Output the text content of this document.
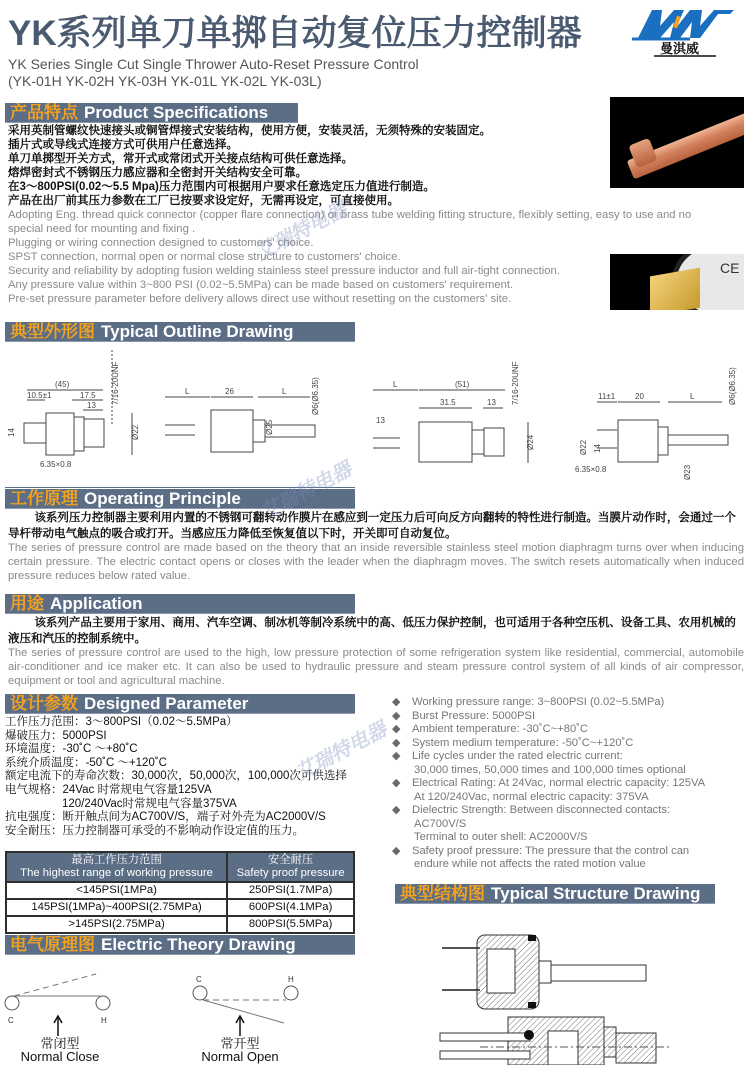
YK系列单刀单掷自动复位压力控制器
YK Series Single Cut Single Thrower Auto-Reset Pressure Control
(YK-01H YK-02H YK-03H YK-01L YK-02L YK-03L)
曼淇威
产品特点 Product Specifications
采用英制管螺纹快速接头或铜管焊接式安装结构，使用方便，安装灵活，无须特殊的安装固定。
插片式或导线式连接方式可供用户任意选择。
单刀单掷型开关方式，常开式或常闭式开关接点结构可供任意选择。
熔焊密封式不锈钢压力感应器和全密封开关结构安全可靠。
在3～800PSI(0.02～5.5 Mpa)压力范围内可根据用户要求任意选定压力值进行制造。
产品在出厂前其压力参数在工厂已按要求设定好，无需再设定，可直接使用。
Adopting Eng. thread quick connector (copper flare connection) or brass tube welding fitting structure, flexibly setting, easy to use and no special need for mounting and fixing .
Plugging or wiring connection designed to customers' choice.
SPST connection, normal open or normal close structure to customers' choice.
Security and reliability by adopting fusion welding stainless steel pressure inductor and full air-tight connection.
Any pressure value within 3~800 PSI (0.02~5.5MPa) can be made based on customers' requirement.
Pre-set pressure parameter before delivery allows direct use without resetting on the customers' site.
CE
典型外形图 Typical Outline Drawing
(45)
10.5±1	17.5
13
7/16-20UNF
Ø22
14
6.35×0.8
L	26	L
Ø25
Ø6(Ø6.35)	L	(51)
31.5	13
13
7/16-20UNF
Ø24
11±1 20	L
Ø22 14
6.35×0.8
Ø6(Ø6.35)
Ø23
工作原理 Operating Principle
该系列压力控制器主要利用内置的不锈钢可翻转动作膜片在感应到一定压力后可向反方向翻转的特性进行制造。当膜片动作时，会通过一个导杆带动电气触点的吸合或打开。当感应压力降低至恢复值以下时，开关即可自动复位。
The series of pressure control are made based on the theory that an inside reversible stainless steel motion diaphragm turns over when inducing certain pressure. The electric contact opens or closes with the leader when the diaphragm moves. The switch resets automatically when induced pressure reduces below rated value.
用途 Application
该系列产品主要用于家用、商用、汽车空调、制冰机等制冷系统中的高、低压力保护控制，也可适用于各种空压机、设备工具、农用机械的液压和汽压的控制系统中。
The series of pressure control are used to the high, low pressure protection of some refrigeration system like residential, commercial, automobile air-conditioner and ice maker etc. It can also be used to hydraulic pressure and steam pressure control system of all kinds of air compressor, equipment or tool and agricultural machine.
设计参数 Designed Parameter
工作压力范围：3～800PSI（0.02～5.5MPa）
爆破压力：5000PSI
环境温度：-30˚C ～+80˚C
系统介质温度：-50˚C ～+120˚C
额定电流下的寿命次数：30,000次，50,000次，100,000次可供选择
电气规格：24Vac 时常规电气容量125VA
120/240Vac时常规电气容量375VA
抗电强度：断开触点间为AC700V/S，端子对外壳为AC2000V/S
安全耐压：压力控制器可承受的不影响动作设定值的压力。
◆ Working pressure range: 3~800PSI (0.02~5.5MPa)
◆ Burst Pressure: 5000PSI
◆ Ambient temperature: -30˚C~+80˚C
◆ System medium temperature: -50˚C~+120˚C
◆ Life cycles under the rated electric current:
30,000 times, 50,000 times and 100,000 times optional
◆ Electrical Rating: At 24Vac, normal electric capacity: 125VA
At 120/240Vac, normal electric capacity: 375VA
◆ Dielectric Strength: Between disconnected contacts:
AC700V/S
Terminal to outer shell: AC2000V/S
◆ Safety proof pressure: The pressure that the control can
endure while not affects the rated motion value
最高工作压力范围
The highest range of working pressure

安全耐压
Safety proof pressure

<145PSI(1MPa)	250PSI(1.7MPa)
145PSI(1MPa)~400PSI(2.75MPa)	600PSI(4.1MPa)
>145PSI(2.75MPa)	800PSI(5.5MPa)
电气原理图 Electric Theory Drawing
C	H
C	H
常闭型
Normal Close
常开型
Normal Open
典型结构图 Typical Structure Drawing
艾瑞特电器
艾瑞特电器
艾瑞特电器
